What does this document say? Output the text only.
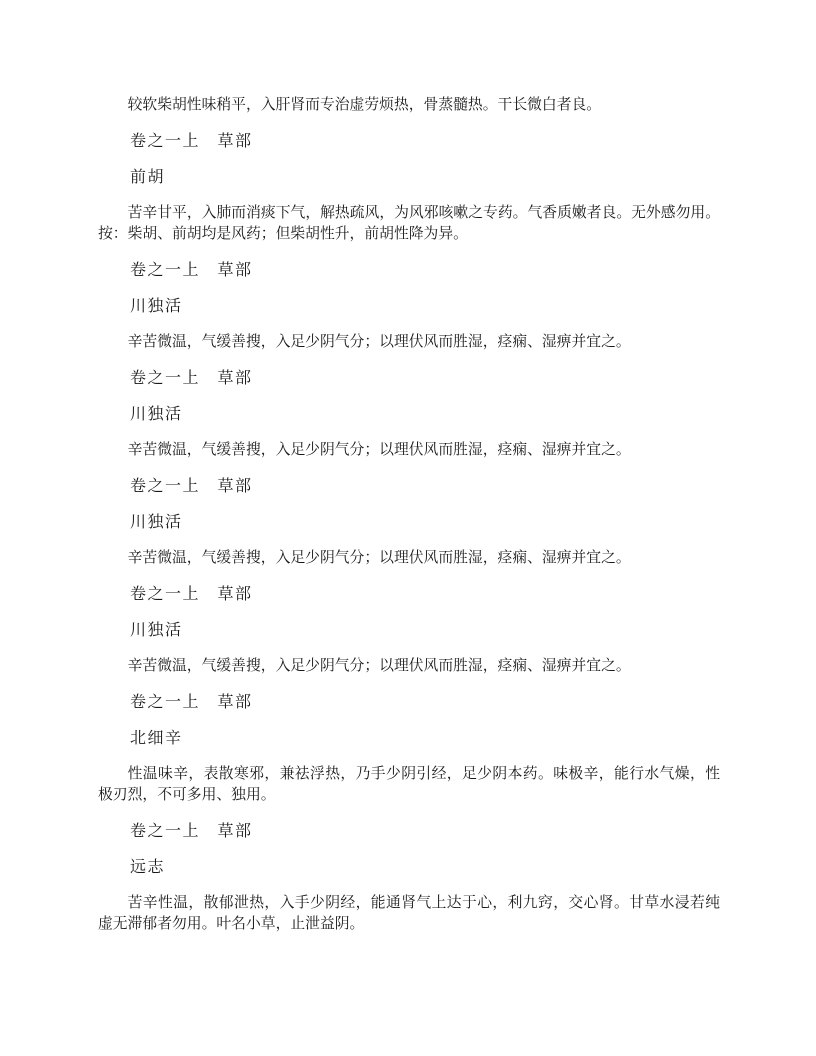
较软柴胡性味稍平，入肝肾而专治虚劳烦热，骨蒸髓热。干长微白者良。

卷之一上　草部

前胡

苦辛甘平，入肺而消痰下气，解热疏风，为风邪咳嗽之专药。气香质嫩者良。无外感勿用。
按：柴胡、前胡均是风药；但柴胡性升，前胡性降为异。

卷之一上　草部

川独活

辛苦微温，气缓善搜，入足少阴气分；以理伏风而胜湿，痉痫、湿痹并宜之。

卷之一上　草部

川独活

辛苦微温，气缓善搜，入足少阴气分；以理伏风而胜湿，痉痫、湿痹并宜之。

卷之一上　草部

川独活

辛苦微温，气缓善搜，入足少阴气分；以理伏风而胜湿，痉痫、湿痹并宜之。

卷之一上　草部

川独活

辛苦微温，气缓善搜，入足少阴气分；以理伏风而胜湿，痉痫、湿痹并宜之。

卷之一上　草部

北细辛

性温味辛，表散寒邪，兼祛浮热，乃手少阴引经，足少阴本药。味极辛，能行水气燥，性
极刃烈，不可多用、独用。

卷之一上　草部

远志

苦辛性温，散郁泄热，入手少阴经，能通肾气上达于心，利九窍，交心肾。甘草水浸若纯
虚无滞郁者勿用。叶名小草，止泄益阴。
